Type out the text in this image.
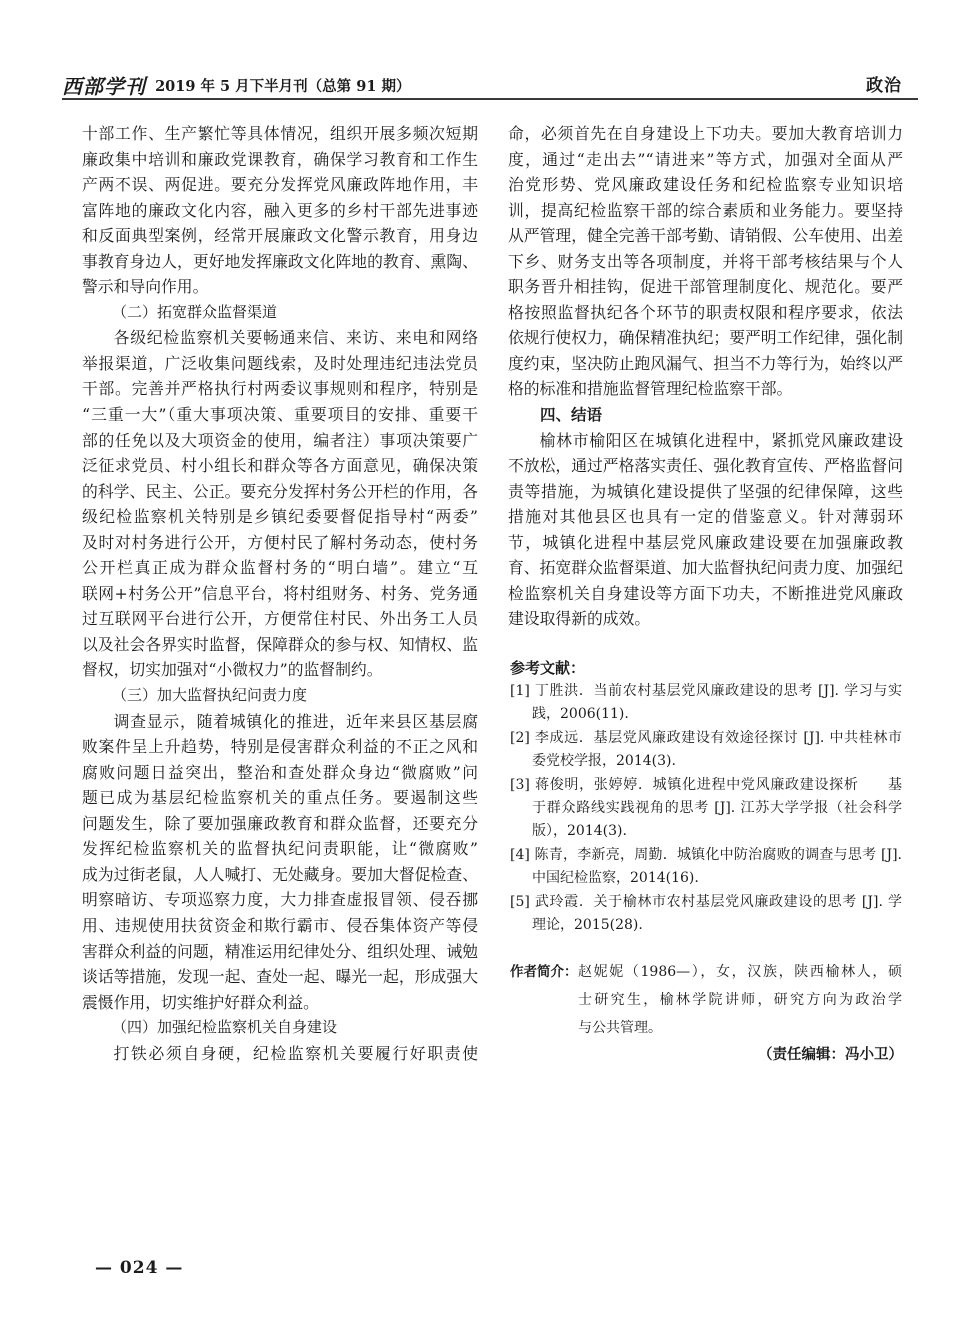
西部学刊 2019 年 5 月下半月刊（总第 91 期）	政治
十部工作、生产繁忙等具体情况，组织开展多频次短期
廉政集中培训和廉政党课教育，确保学习教育和工作生
产两不误、两促进。要充分发挥党风廉政阵地作用，丰
富阵地的廉政文化内容，融入更多的乡村干部先进事迹
和反面典型案例，经常开展廉政文化警示教育，用身边
事教育身边人，更好地发挥廉政文化阵地的教育、熏陶、
警示和导向作用。
（二）拓宽群众监督渠道
各级纪检监察机关要畅通来信、来访、来电和网络
举报渠道，广泛收集问题线索，及时处理违纪违法党员
干部。完善并严格执行村两委议事规则和程序，特别是
“三重一大”（重大事项决策、重要项目的安排、重要干
部的任免以及大项资金的使用，编者注）事项决策要广
泛征求党员、村小组长和群众等各方面意见，确保决策
的科学、民主、公正。要充分发挥村务公开栏的作用，各
级纪检监察机关特别是乡镇纪委要督促指导村“两委”
及时对村务进行公开，方便村民了解村务动态，使村务
公开栏真正成为群众监督村务的“明白墙”。建立“互
联网+村务公开”信息平台，将村组财务、村务、党务通
过互联网平台进行公开，方便常住村民、外出务工人员
以及社会各界实时监督，保障群众的参与权、知情权、监
督权，切实加强对“小微权力”的监督制约。
（三）加大监督执纪问责力度
调查显示，随着城镇化的推进，近年来县区基层腐
败案件呈上升趋势，特别是侵害群众利益的不正之风和
腐败问题日益突出，整治和查处群众身边“微腐败”问
题已成为基层纪检监察机关的重点任务。要遏制这些
问题发生，除了要加强廉政教育和群众监督，还要充分
发挥纪检监察机关的监督执纪问责职能，让“微腐败”
成为过街老鼠，人人喊打、无处藏身。要加大督促检查、
明察暗访、专项巡察力度，大力排查虚报冒领、侵吞挪
用、违规使用扶贫资金和欺行霸市、侵吞集体资产等侵
害群众利益的问题，精准运用纪律处分、组织处理、诫勉
谈话等措施，发现一起、查处一起、曝光一起，形成强大
震慑作用，切实维护好群众利益。
（四）加强纪检监察机关自身建设
打铁必须自身硬，纪检监察机关要履行好职责使
命，必须首先在自身建设上下功夫。要加大教育培训力
度，通过“走出去”“请进来”等方式，加强对全面从严
治党形势、党风廉政建设任务和纪检监察专业知识培
训，提高纪检监察干部的综合素质和业务能力。要坚持
从严管理，健全完善干部考勤、请销假、公车使用、出差
下乡、财务支出等各项制度，并将干部考核结果与个人
职务晋升相挂钩，促进干部管理制度化、规范化。要严
格按照监督执纪各个环节的职责权限和程序要求，依法
依规行使权力，确保精准执纪；要严明工作纪律，强化制
度约束，坚决防止跑风漏气、担当不力等行为，始终以严
格的标准和措施监督管理纪检监察干部。
四、结语
榆林市榆阳区在城镇化进程中，紧抓党风廉政建设
不放松，通过严格落实责任、强化教育宣传、严格监督问
责等措施，为城镇化建设提供了坚强的纪律保障，这些
措施对其他县区也具有一定的借鉴意义。针对薄弱环
节，城镇化进程中基层党风廉政建设要在加强廉政教
育、拓宽群众监督渠道、加大监督执纪问责力度、加强纪
检监察机关自身建设等方面下功夫，不断推进党风廉政
建设取得新的成效。
参考文献：
[1] 丁胜洪．当前农村基层党风廉政建设的思考 [J]. 学习与实
践，2006(11).
[2] 李成远．基层党风廉政建设有效途径探讨 [J]. 中共桂林市
委党校学报，2014(3).
[3] 蒋俊明，张婷婷．城镇化进程中党风廉政建设探析　　基
于群众路线实践视角的思考 [J]. 江苏大学学报（社会科学
版），2014(3).
[4] 陈青，李新亮，周勤．城镇化中防治腐败的调查与思考 [J].
中国纪检监察，2014(16).
[5] 武玲霞．关于榆林市农村基层党风廉政建设的思考 [J]. 学
理论，2015(28).
作者简介： 赵妮妮（1986—），女，汉族，陕西榆林人，硕
士研究生，榆林学院讲师，研究方向为政治学
与公共管理。
（责任编辑：冯小卫）
— 024 —
